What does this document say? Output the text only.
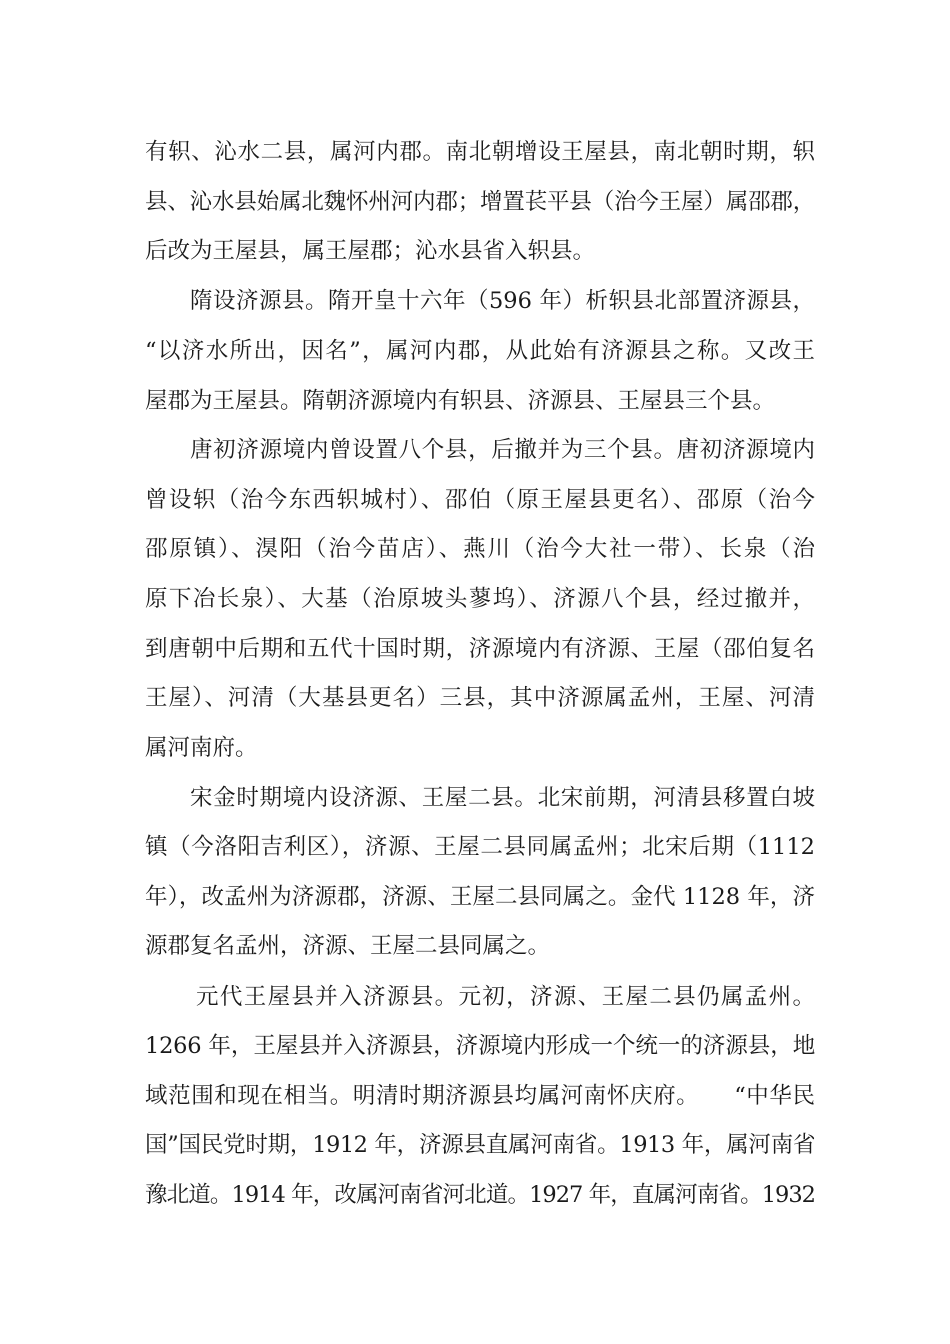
有轵、沁水二县，属河内郡。南北朝增设王屋县，南北朝时期，轵
县、沁水县始属北魏怀州河内郡；增置苌平县（治今王屋）属邵郡，
后改为王屋县，属王屋郡；沁水县省入轵县。
隋设济源县。隋开皇十六年（596 年）析轵县北部置济源县，
“以济水所出，因名”，属河内郡，从此始有济源县之称。又改王
屋郡为王屋县。隋朝济源境内有轵县、济源县、王屋县三个县。
唐初济源境内曾设置八个县，后撤并为三个县。唐初济源境内
曾设轵（治今东西轵城村）、邵伯（原王屋县更名）、邵原（治今
邵原镇）、湨阳（治今苗店）、燕川（治今大社一带）、长泉（治
原下冶长泉）、大基（治原坡头蓼坞）、济源八个县，经过撤并，
到唐朝中后期和五代十国时期，济源境内有济源、王屋（邵伯复名
王屋）、河清（大基县更名）三县，其中济源属孟州，王屋、河清
属河南府。
宋金时期境内设济源、王屋二县。北宋前期，河清县移置白坡
镇（今洛阳吉利区），济源、王屋二县同属孟州；北宋后期（1112
年），改孟州为济源郡，济源、王屋二县同属之。金代 1128 年，济
源郡复名孟州，济源、王屋二县同属之。
元代王屋县并入济源县。元初，济源、王屋二县仍属孟州。
1266 年，王屋县并入济源县，济源境内形成一个统一的济源县，地
域范围和现在相当。明清时期济源县均属河南怀庆府。　　“中华民
国”国民党时期，1912 年，济源县直属河南省。1913 年，属河南省
豫北道。1914 年，改属河南省河北道。1927 年，直属河南省。1932
